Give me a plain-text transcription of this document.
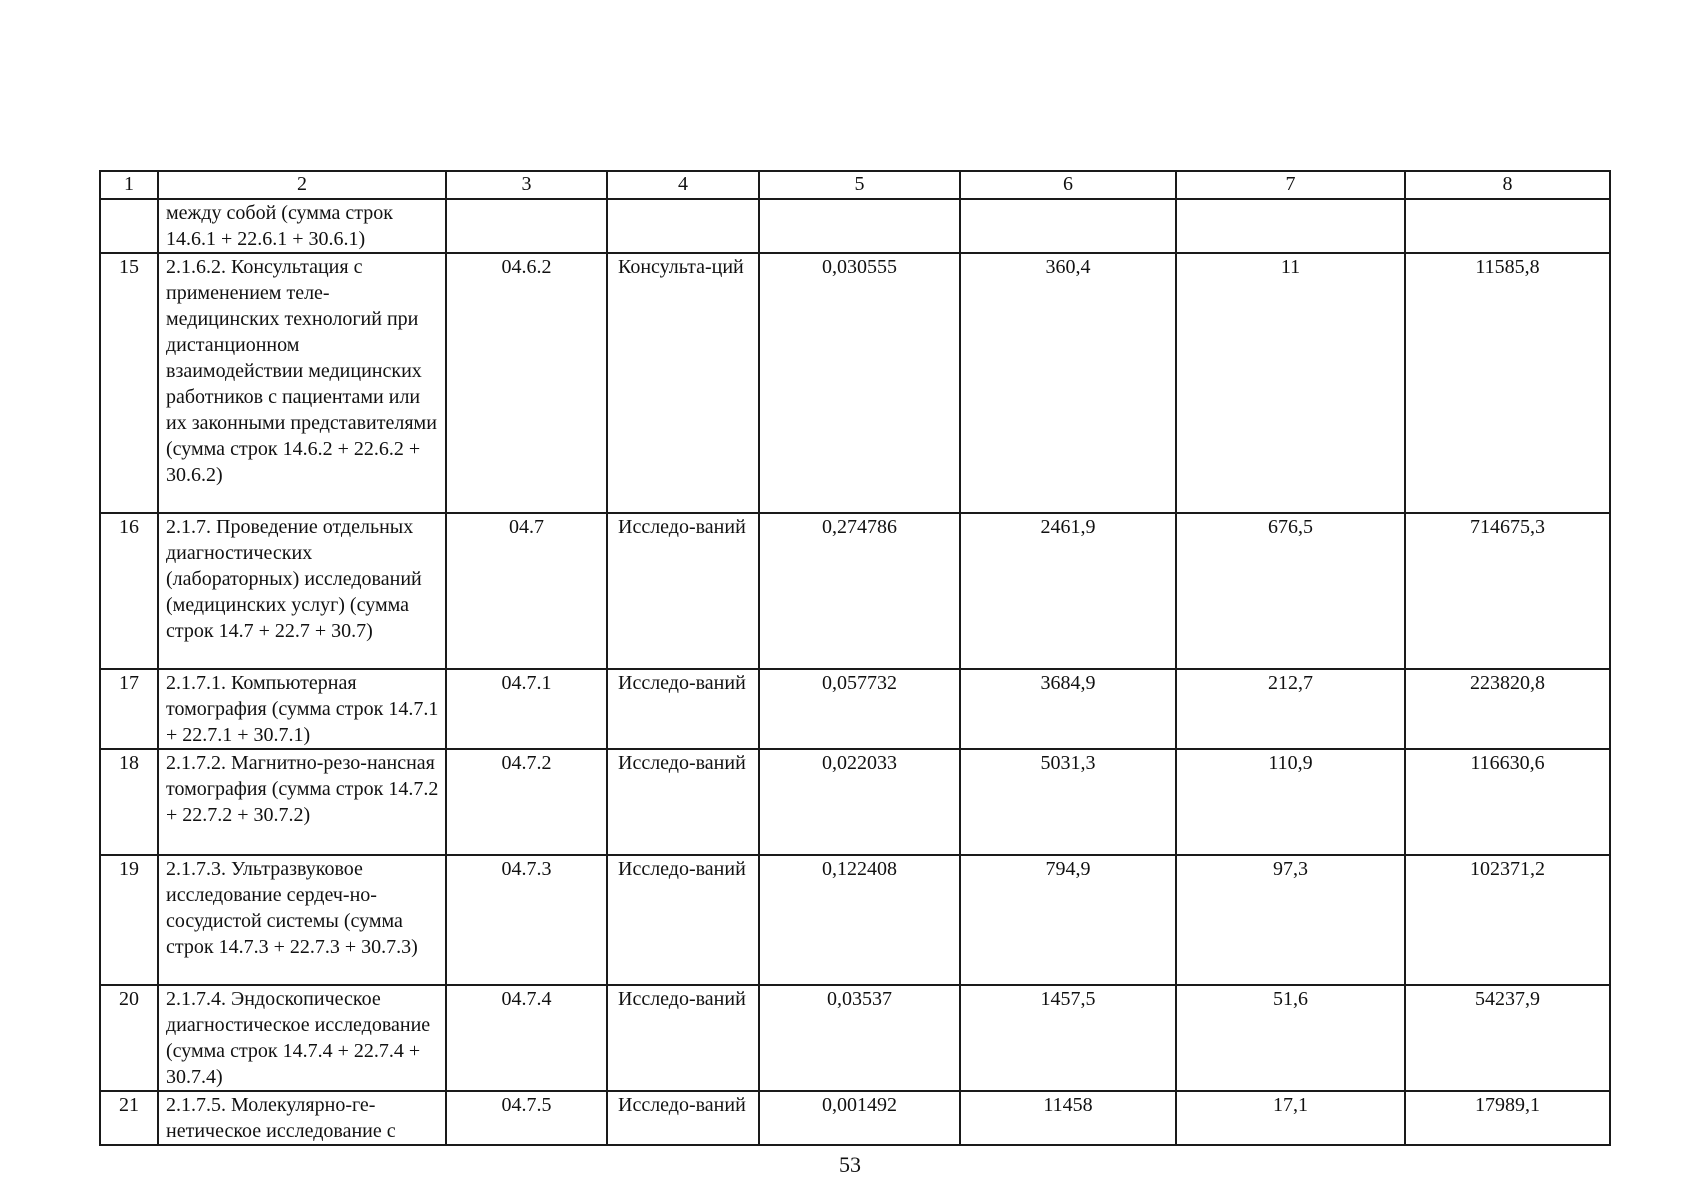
1	2	3	4	5	6	7	8
	между собой (сумма строк 14.6.1 + 22.6.1 + 30.6.1)						
15	2.1.6.2. Консультация с применением теле-медицинских технологий при дистанционном взаимодействии медицинских работников с пациентами или их законными представителями (сумма строк 14.6.2 + 22.6.2 + 30.6.2)	04.6.2	Консульта-ций	0,030555	360,4	11	11585,8
16	2.1.7. Проведение отдельных диагностических (лабораторных) исследований (медицинских услуг) (сумма строк 14.7 + 22.7 + 30.7)	04.7	Исследо-ваний	0,274786	2461,9	676,5	714675,3
17	2.1.7.1. Компьютерная томография (сумма строк 14.7.1 + 22.7.1 + 30.7.1)	04.7.1	Исследо-ваний	0,057732	3684,9	212,7	223820,8
18	2.1.7.2. Магнитно-резо-нансная томография (сумма строк 14.7.2 + 22.7.2 + 30.7.2)	04.7.2	Исследо-ваний	0,022033	5031,3	110,9	116630,6
19	2.1.7.3. Ультразвуковое исследование сердеч-но-сосудистой системы (сумма строк 14.7.3 + 22.7.3 + 30.7.3)	04.7.3	Исследо-ваний	0,122408	794,9	97,3	102371,2
20	2.1.7.4. Эндоскопическое диагностическое исследование (сумма строк 14.7.4 + 22.7.4 + 30.7.4)	04.7.4	Исследо-ваний	0,03537	1457,5	51,6	54237,9
21	2.1.7.5. Молекулярно-ге-нетическое исследование с	04.7.5	Исследо-ваний	0,001492	11458	17,1	17989,1
53
